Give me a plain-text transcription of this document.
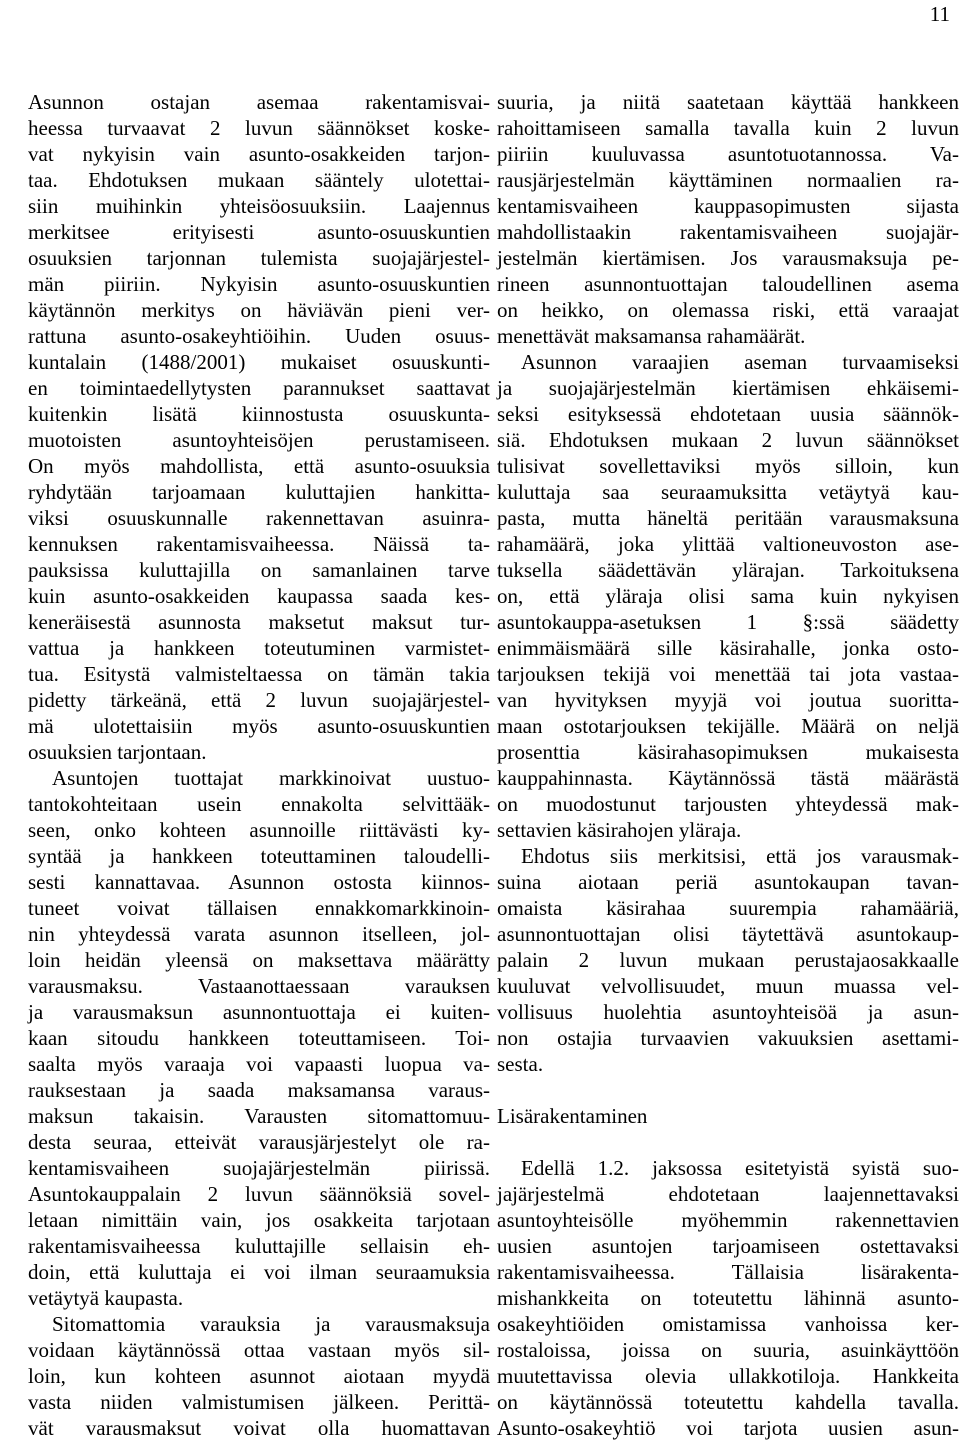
11
Asunnon ostajan asemaa rakentamisvai-
heessa turvaavat 2 luvun säännökset koske-
vat nykyisin vain asunto-osakkeiden tarjon-
taa. Ehdotuksen mukaan sääntely ulotettai-
siin muihinkin yhteisöosuuksiin. Laajennus
merkitsee erityisesti asunto-osuuskuntien
osuuksien tarjonnan tulemista suojajärjestel-
män piiriin. Nykyisin asunto-osuuskuntien
käytännön merkitys on häviävän pieni ver-
rattuna asunto-osakeyhtiöihin. Uuden osuus-
kuntalain (1488/2001) mukaiset osuuskunti-
en toimintaedellytysten parannukset saattavat
kuitenkin lisätä kiinnostusta osuuskunta-
muotoisten asuntoyhteisöjen perustamiseen.
On myös mahdollista, että asunto-osuuksia
ryhdytään tarjoamaan kuluttajien hankitta-
viksi osuuskunnalle rakennettavan asuinra-
kennuksen rakentamisvaiheessa. Näissä ta-
pauksissa kuluttajilla on samanlainen tarve
kuin asunto-osakkeiden kaupassa saada kes-
keneräisestä asunnosta maksetut maksut tur-
vattua ja hankkeen toteutuminen varmistet-
tua. Esitystä valmisteltaessa on tämän takia
pidetty tärkeänä, että 2 luvun suojajärjestel-
mä ulotettaisiin myös asunto-osuuskuntien
osuuksien tarjontaan.
Asuntojen tuottajat markkinoivat uustuo-
tantokohteitaan usein ennakolta selvittääk-
seen, onko kohteen asunnoille riittävästi ky-
syntää ja hankkeen toteuttaminen taloudelli-
sesti kannattavaa. Asunnon ostosta kiinnos-
tuneet voivat tällaisen ennakkomarkkinoin-
nin yhteydessä varata asunnon itselleen, jol-
loin heidän yleensä on maksettava määrätty
varausmaksu. Vastaanottaessaan varauksen
ja varausmaksun asunnontuottaja ei kuiten-
kaan sitoudu hankkeen toteuttamiseen. Toi-
saalta myös varaaja voi vapaasti luopua va-
rauksestaan ja saada maksamansa varaus-
maksun takaisin. Varausten sitomattomuu-
desta seuraa, etteivät varausjärjestelyt ole ra-
kentamisvaiheen suojajärjestelmän piirissä.
Asuntokauppalain 2 luvun säännöksiä sovel-
letaan nimittäin vain, jos osakkeita tarjotaan
rakentamisvaiheessa kuluttajille sellaisin eh-
doin, että kuluttaja ei voi ilman seuraamuksia
vetäytyä kaupasta.
Sitomattomia varauksia ja varausmaksuja
voidaan käytännössä ottaa vastaan myös sil-
loin, kun kohteen asunnot aiotaan myydä
vasta niiden valmistumisen jälkeen. Perittä-
vät varausmaksut voivat olla huomattavan
suuria, ja niitä saatetaan käyttää hankkeen
rahoittamiseen samalla tavalla kuin 2 luvun
piiriin kuuluvassa asuntotuotannossa. Va-
rausjärjestelmän käyttäminen normaalien ra-
kentamisvaiheen kauppasopimusten sijasta
mahdollistaakin rakentamisvaiheen suojajär-
jestelmän kiertämisen. Jos varausmaksuja pe-
rineen asunnontuottajan taloudellinen asema
on heikko, on olemassa riski, että varaajat
menettävät maksamansa rahamäärät.
Asunnon varaajien aseman turvaamiseksi
ja suojajärjestelmän kiertämisen ehkäisemi-
seksi esityksessä ehdotetaan uusia säännök-
siä. Ehdotuksen mukaan 2 luvun säännökset
tulisivat sovellettaviksi myös silloin, kun
kuluttaja saa seuraamuksitta vetäytyä kau-
pasta, mutta häneltä peritään varausmaksuna
rahamäärä, joka ylittää valtioneuvoston ase-
tuksella säädettävän ylärajan. Tarkoituksena
on, että yläraja olisi sama kuin nykyisen
asuntokauppa-asetuksen 1 §:ssä säädetty
enimmäismäärä sille käsirahalle, jonka osto-
tarjouksen tekijä voi menettää tai jota vastaa-
van hyvityksen myyjä voi joutua suoritta-
maan ostotarjouksen tekijälle. Määrä on neljä
prosenttia käsirahasopimuksen mukaisesta
kauppahinnasta. Käytännössä tästä määrästä
on muodostunut tarjousten yhteydessä mak-
settavien käsirahojen yläraja.
Ehdotus siis merkitsisi, että jos varausmak-
suina aiotaan periä asuntokaupan tavan-
omaista käsirahaa suurempia rahamääriä,
asunnontuottajan olisi täytettävä asuntokaup-
palain 2 luvun mukaan perustajaosakkaalle
kuuluvat velvollisuudet, muun muassa vel-
vollisuus huolehtia asuntoyhteisöä ja asun-
non ostajia turvaavien vakuuksien asettami-
sesta.
Lisärakentaminen
Edellä 1.2. jaksossa esitetyistä syistä suo-
jajärjestelmä ehdotetaan laajennettavaksi
asuntoyhteisölle myöhemmin rakennettavien
uusien asuntojen tarjoamiseen ostettavaksi
rakentamisvaiheessa. Tällaisia lisärakenta-
mishankkeita on toteutettu lähinnä asunto-
osakeyhtiöiden omistamissa vanhoissa ker-
rostaloissa, joissa on suuria, asuinkäyttöön
muutettavissa olevia ullakkotiloja. Hankkeita
on käytännössä toteutettu kahdella tavalla.
Asunto-osakeyhtiö voi tarjota uusien asun-
